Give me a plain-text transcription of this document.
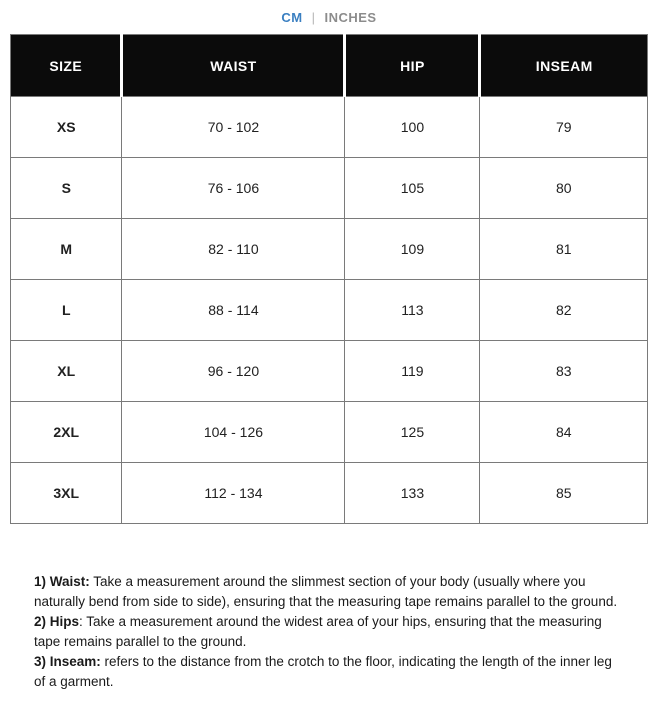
CM | INCHES
SIZE	WAIST	HIP	INSEAM
XS	70 - 102	100	79
S	76 - 106	105	80
M	82 - 110	109	81
L	88 - 114	113	82
XL	96 - 120	119	83
2XL	104 - 126	125	84
3XL	112 - 134	133	85
1) Waist: Take a measurement around the slimmest section of your body (usually where you naturally bend from side to side), ensuring that the measuring tape remains parallel to the ground.
2) Hips: Take a measurement around the widest area of your hips, ensuring that the measuring tape remains parallel to the ground.
3) Inseam: refers to the distance from the crotch to the floor, indicating the length of the inner leg of a garment.
